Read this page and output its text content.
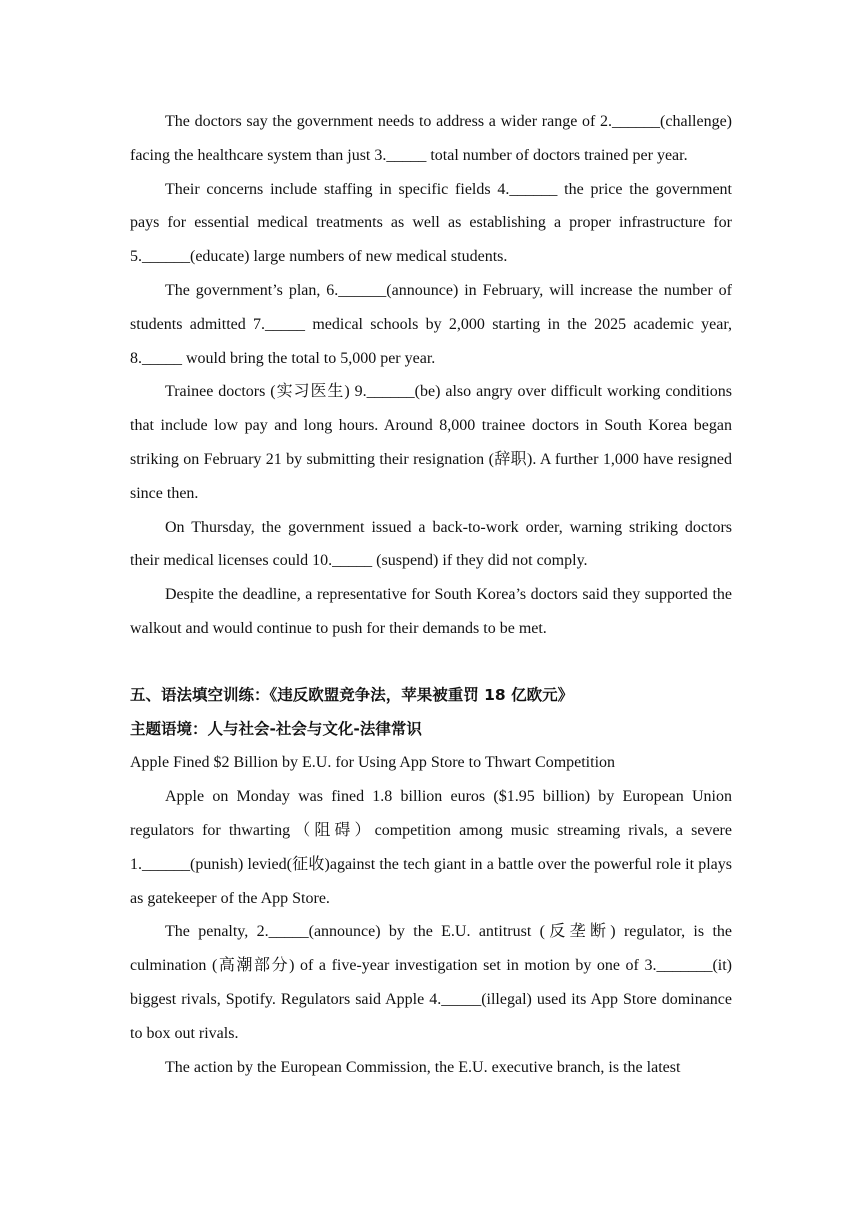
The doctors say the government needs to address a wider range of 2.______(challenge) facing the healthcare system than just 3._____ total number of doctors trained per year.

Their concerns include staffing in specific fields 4.______ the price the government pays for essential medical treatments as well as establishing a proper infrastructure for 5.______(educate) large numbers of new medical students.

The government’s plan, 6.______(announce) in February, will increase the number of students admitted 7._____ medical schools by 2,000 starting in the 2025 academic year, 8._____ would bring the total to 5,000 per year.

Trainee doctors (实习医生) 9.______(be) also angry over difficult working conditions that include low pay and long hours. Around 8,000 trainee doctors in South Korea began striking on February 21 by submitting their resignation (辞职). A further 1,000 have resigned since then.

On Thursday, the government issued a back-to-work order, warning striking doctors their medical licenses could 10._____ (suspend) if they did not comply.

Despite the deadline, a representative for South Korea’s doctors said they supported the walkout and would continue to push for their demands to be met.

五、语法填空训练：《违反欧盟竞争法，苹果被重罚 18 亿欧元》

主题语境：人与社会-社会与文化-法律常识

Apple Fined $2 Billion by E.U. for Using App Store to Thwart Competition

Apple on Monday was fined 1.8 billion euros ($1.95 billion) by European Union regulators for thwarting（阻碍）competition among music streaming rivals, a severe 1.______(punish) levied(征收)against the tech giant in a battle over the powerful role it plays as gatekeeper of the App Store.

The penalty, 2._____(announce) by the E.U. antitrust (反垄断) regulator, is the culmination (高潮部分) of a five-year investigation set in motion by one of 3._______(it) biggest rivals, Spotify. Regulators said Apple 4._____(illegal) used its App Store dominance to box out rivals.

The action by the European Commission, the E.U. executive branch, is the latest
